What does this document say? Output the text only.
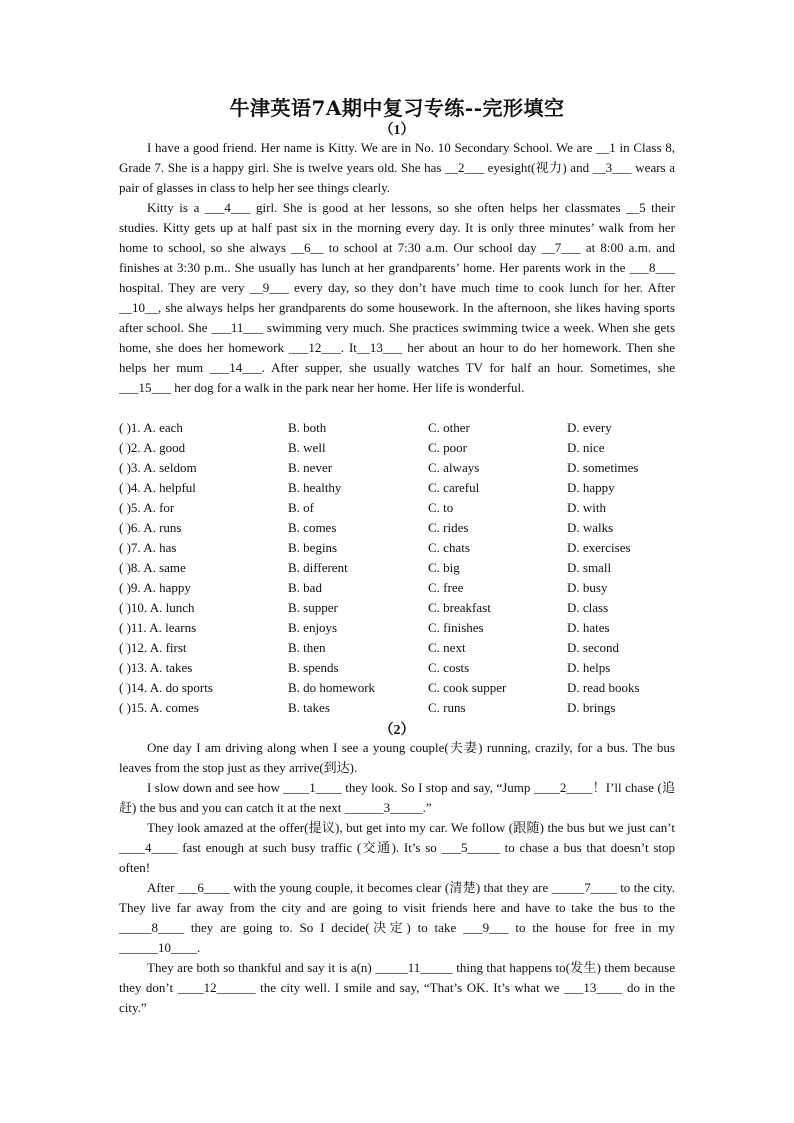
牛津英语7A期中复习专练--完形填空
（1）
I have a good friend. Her name is Kitty. We are in No. 10 Secondary School. We are __1 in Class 8, Grade 7. She is a happy girl. She is twelve years old. She has __2___ eyesight(视力) and __3___ wears a pair of glasses in class to help her see things clearly.
Kitty is a ___4___ girl. She is good at her lessons, so she often helps her classmates __5 their studies. Kitty gets up at half past six in the morning every day. It is only three minutes’ walk from her home to school, so she always __6__ to school at 7:30 a.m. Our school day __7___ at 8:00 a.m. and finishes at 3:30 p.m.. She usually has lunch at her grandparents’ home. Her parents work in the ___8___ hospital. They are very __9___ every day, so they don’t have much time to cook lunch for her. After __10__, she always helps her grandparents do some housework. In the afternoon, she likes having sports after school. She ___11___ swimming very much. She practices swimming twice a week. When she gets home, she does her homework ___12___. It__13___ her about an hour to do her homework. Then she helps her mum ___14___. After supper, she usually watches TV for half an hour. Sometimes, she ___15___ her dog for a walk in the park near her home. Her life is wonderful.
( )1. A. each	B. both	C. other	D. every
( )2. A. good	B. well	C. poor	D. nice
( )3. A. seldom	B. never	C. always	D. sometimes
( )4. A. helpful	B. healthy	C. careful	D. happy
( )5. A. for	B. of	C. to	D. with
( )6. A. runs	B. comes	C. rides	D. walks
( )7. A. has	B. begins	C. chats	D. exercises
( )8. A. same	B. different	C. big	D. small
( )9. A. happy	B. bad	C. free	D. busy
( )10. A. lunch	B. supper	C. breakfast	D. class
( )11. A. learns	B. enjoys	C. finishes	D. hates
( )12. A. first	B. then	C. next	D. second
( )13. A. takes	B. spends	C. costs	D. helps
( )14. A. do sports	B. do homework	C. cook supper	D. read books
( )15. A. comes	B. takes	C. runs	D. brings
（2）
One day I am driving along when I see a young couple(夫妻) running, crazily, for a bus. The bus leaves from the stop just as they arrive(到达).
I slow down and see how ____1____ they look. So I stop and say, “Jump ____2____！I’ll chase (追赶) the bus and you can catch it at the next ______3_____.”
They look amazed at the offer(提议), but get into my car. We follow (跟随) the bus but we just can’t ____4____ fast enough at such busy traffic (交通). It’s so ___5_____ to chase a bus that doesn’t stop often!
After ___6____ with the young couple, it becomes clear (清楚) that they are _____7____ to the city. They live far away from the city and are going to visit friends here and have to take the bus to the _____8____ they are going to. So I decide(决定) to take ___9___ to the house for free in my ______10____.
They are both so thankful and say it is a(n) _____11_____ thing that happens to(发生) them because they don’t ____12______ the city well. I smile and say, “That’s OK. It’s what we ___13____ do in the city.”
